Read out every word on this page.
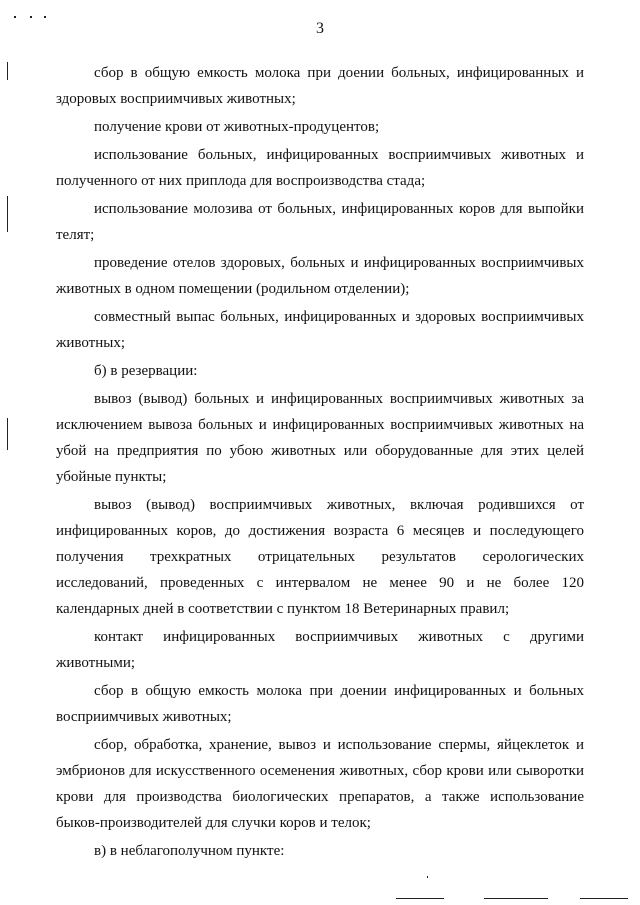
3

сбор в общую емкость молока при доении больных, инфицированных и здоровых восприимчивых животных;

получение крови от животных-продуцентов;

использование больных, инфицированных восприимчивых животных и полученного от них приплода для воспроизводства стада;

использование молозива от больных, инфицированных коров для выпойки телят;

проведение отелов здоровых, больных и инфицированных восприимчивых животных в одном помещении (родильном отделении);

совместный выпас больных, инфицированных и здоровых восприимчивых животных;

б) в резервации:

вывоз (вывод) больных и инфицированных восприимчивых животных за исключением вывоза больных и инфицированных восприимчивых животных на убой на предприятия по убою животных или оборудованные для этих целей убойные пункты;

вывоз (вывод) восприимчивых животных, включая родившихся от инфицированных коров, до достижения возраста 6 месяцев и последующего получения трехкратных отрицательных результатов серологических исследований, проведенных с интервалом не менее 90 и не более 120 календарных дней в соответствии с пунктом 18 Ветеринарных правил;

контакт инфицированных восприимчивых животных с другими животными;

сбор в общую емкость молока при доении инфицированных и больных восприимчивых животных;

сбор, обработка, хранение, вывоз и использование спермы, яйцеклеток и эмбрионов для искусственного осеменения животных, сбор крови или сыворотки крови для производства биологических препаратов, а также использование быков-производителей для случки коров и телок;

в) в неблагополучном пункте:
